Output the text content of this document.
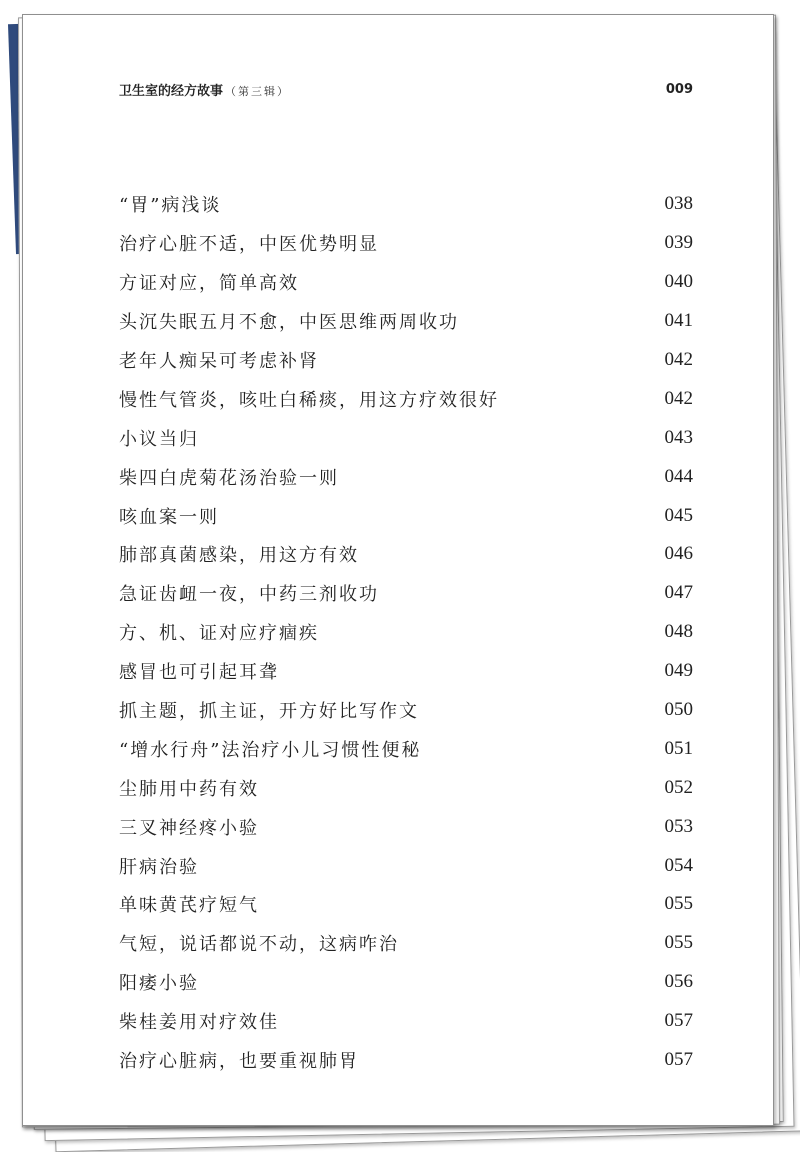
卫生室的经方故事 （第三辑）	009
“胃”病浅谈	038
治疗心脏不适，中医优势明显	039
方证对应，简单高效	040
头沉失眠五月不愈，中医思维两周收功	041
老年人痴呆可考虑补肾	042
慢性气管炎，咳吐白稀痰，用这方疗效很好	042
小议当归	043
柴四白虎菊花汤治验一则	044
咳血案一则	045
肺部真菌感染，用这方有效	046
急证齿衄一夜，中药三剂收功	047
方、机、证对应疗痼疾	048
感冒也可引起耳聋	049
抓主题，抓主证，开方好比写作文	050
“增水行舟”法治疗小儿习惯性便秘	051
尘肺用中药有效	052
三叉神经疼小验	053
肝病治验	054
单味黄芪疗短气	055
气短，说话都说不动，这病咋治	055
阳痿小验	056
柴桂姜用对疗效佳	057
治疗心脏病，也要重视肺胃	057
